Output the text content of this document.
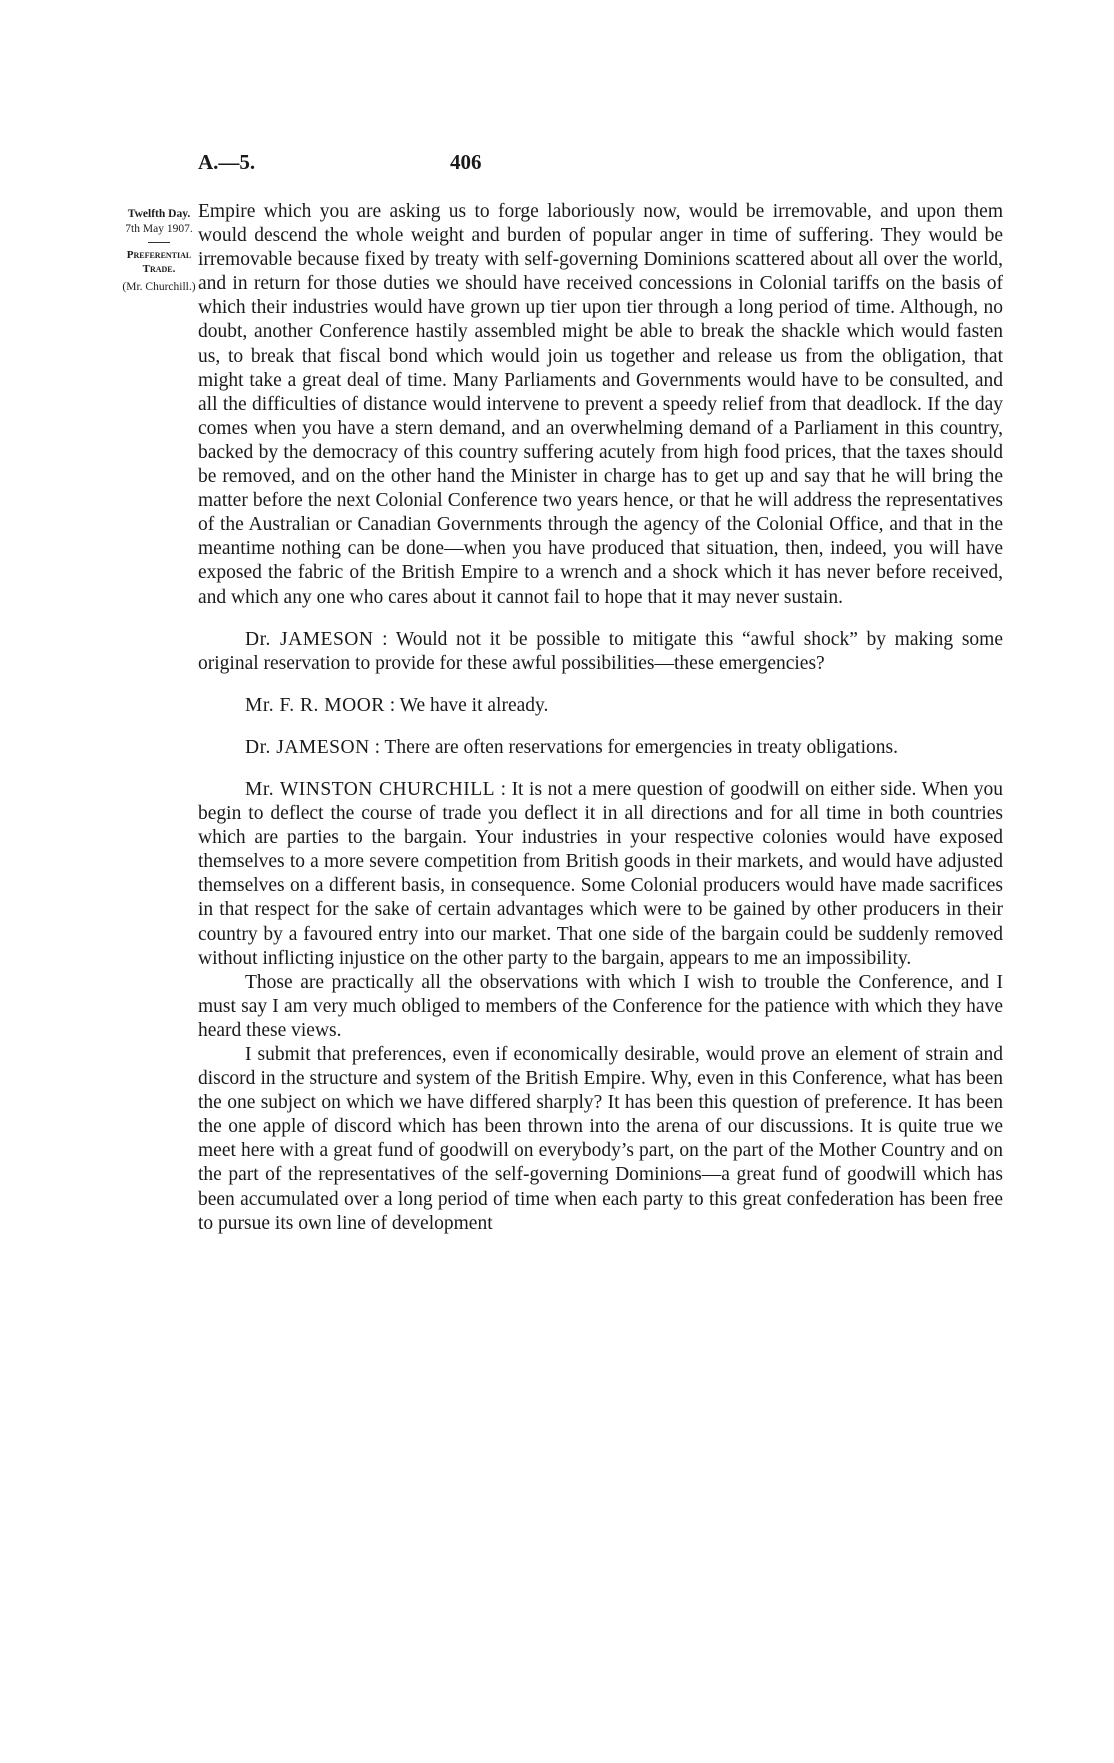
A.—5.	406
Twelfth Day.
7th May 1907.
Preferential
Trade.
(Mr. Churchill.)

Empire which you are asking us to forge laboriously now, would be irremovable, and upon them would descend the whole weight and burden of popular anger in time of suffering. They would be irremovable because fixed by treaty with self-governing Dominions scattered about all over the world, and in return for those duties we should have received concessions in Colonial tariffs on the basis of which their industries would have grown up tier upon tier through a long period of time. Although, no doubt, another Conference hastily assembled might be able to break the shackle which would fasten us, to break that fiscal bond which would join us together and release us from the obligation, that might take a great deal of time. Many Parliaments and Governments would have to be consulted, and all the difficulties of distance would intervene to prevent a speedy relief from that deadlock. If the day comes when you have a stern demand, and an overwhelming demand of a Parliament in this country, backed by the democracy of this country suffering acutely from high food prices, that the taxes should be removed, and on the other hand the Minister in charge has to get up and say that he will bring the matter before the next Colonial Conference two years hence, or that he will address the representatives of the Australian or Canadian Governments through the agency of the Colonial Office, and that in the meantime nothing can be done—when you have produced that situation, then, indeed, you will have exposed the fabric of the British Empire to a wrench and a shock which it has never before received, and which any one who cares about it cannot fail to hope that it may never sustain.

Dr. JAMESON : Would not it be possible to mitigate this “awful shock” by making some original reservation to provide for these awful possibilities—these emergencies?

Mr. F. R. MOOR : We have it already.

Dr. JAMESON : There are often reservations for emergencies in treaty obligations.

Mr. WINSTON CHURCHILL : It is not a mere question of goodwill on either side. When you begin to deflect the course of trade you deflect it in all directions and for all time in both countries which are parties to the bargain. Your industries in your respective colonies would have exposed themselves to a more severe competition from British goods in their markets, and would have adjusted themselves on a different basis, in consequence. Some Colonial producers would have made sacrifices in that respect for the sake of certain advantages which were to be gained by other producers in their country by a favoured entry into our market. That one side of the bargain could be suddenly removed without inflicting injustice on the other party to the bargain, appears to me an impossibility.

Those are practically all the observations with which I wish to trouble the Conference, and I must say I am very much obliged to members of the Conference for the patience with which they have heard these views.

I submit that preferences, even if economically desirable, would prove an element of strain and discord in the structure and system of the British Empire. Why, even in this Conference, what has been the one subject on which we have differed sharply? It has been this question of preference. It has been the one apple of discord which has been thrown into the arena of our discussions. It is quite true we meet here with a great fund of goodwill on everybody’s part, on the part of the Mother Country and on the part of the representatives of the self-governing Dominions—a great fund of goodwill which has been accumulated over a long period of time when each party to this great confederation has been free to pursue its own line of development
